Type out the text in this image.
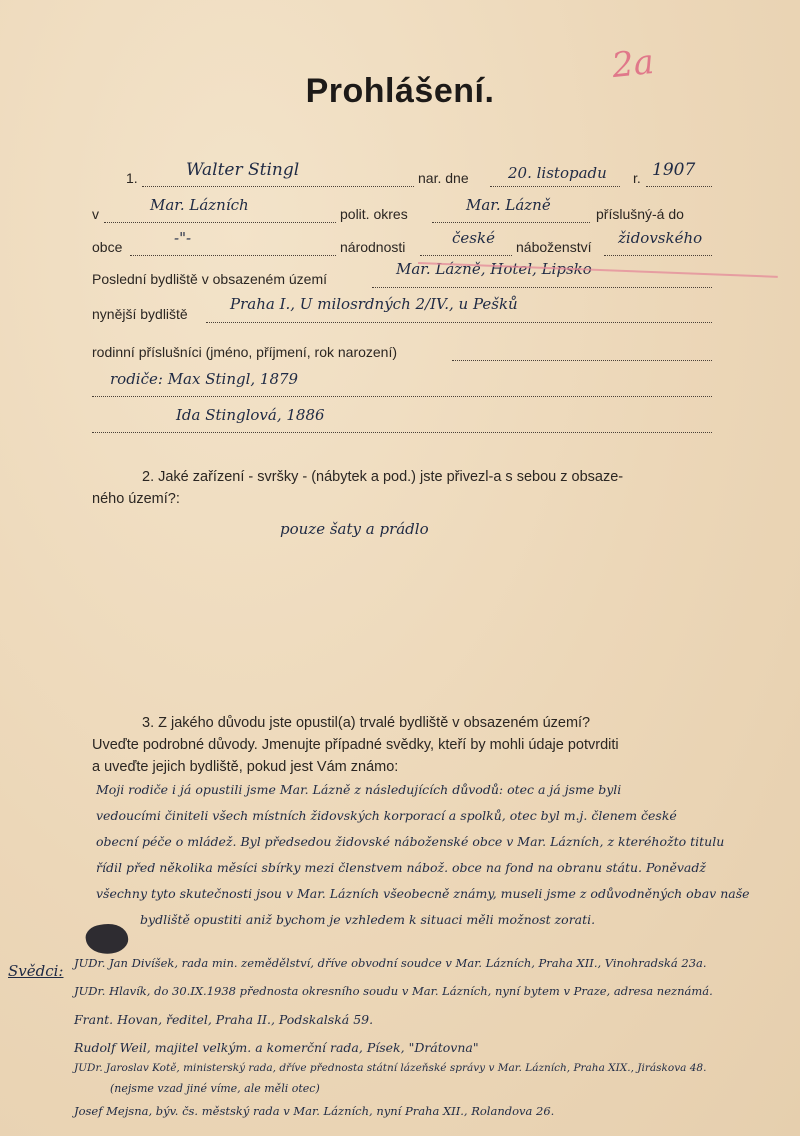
2a
Prohlášení.
1.	Walter Stingl	nar. dne	20. listopadu r. 1907
v	Mar. Lázních	polit. okres	Mar. Lázně	příslušný-á do
obce	-"-	národnosti	české náboženství židovského
Poslední bydliště v obsazeném území
Mar. Lázně, Hotel, Lipsko
nynější bydliště
Praha I., U milosrdných 2/IV., u Pešků
rodinní příslušníci (jméno, příjmení, rok narození)
rodiče: Max Stingl, 1879
Ida Stinglová, 1886
2. Jaké zařízení - svršky - (nábytek a pod.) jste přivezl-a s sebou z obsaze-
ného území?:
pouze šaty a prádlo
3. Z jakého důvodu jste opustil(a) trvalé bydliště v obsazeném území?
Uveďte podrobné důvody. Jmenujte případné svědky, kteří by mohli údaje potvrditi
a uveďte jejich bydliště, pokud jest Vám známo:
Moji rodiče i já opustili jsme Mar. Lázně z následujících důvodů: otec a já jsme byli
vedoucími činiteli všech místních židovských korporací a spolků, otec byl m.j. členem české
obecní péče o mládež. Byl předsedou židovské náboženské obce v Mar. Lázních, z kteréhožto titulu
řídil před několika měsíci sbírky mezi členstvem nábož. obce na fond na obranu státu. Poněvadž
všechny tyto skutečnosti jsou v Mar. Lázních všeobecně známy, museli jsme z odůvodněných obav naše
bydliště opustiti aniž bychom je vzhledem k situaci měli možnost zorati.
Svědci: JUDr. Jan Divíšek, rada min. zemědělství, dříve obvodní soudce v Mar. Lázních, Praha XII., Vinohradská 23a.
JUDr. Hlavík, do 30.IX.1938 přednosta okresního soudu v Mar. Lázních, nyní bytem v Praze, adresa neznámá.
Frant. Hovan, ředitel, Praha II., Podskalská 59.
Rudolf Weil, majitel velkým. a komerční rada, Písek, "Drátovna"
JUDr. Jaroslav Kotě, ministerský rada, dříve přednosta státní lázeňské správy v Mar. Lázních, Praha XIX., Jiráskova 48.
(nejsme vzad jiné víme, ale měli otec)
Josef Mejsna, býv. čs. městský rada v Mar. Lázních, nyní Praha XII., Rolandova 26.
